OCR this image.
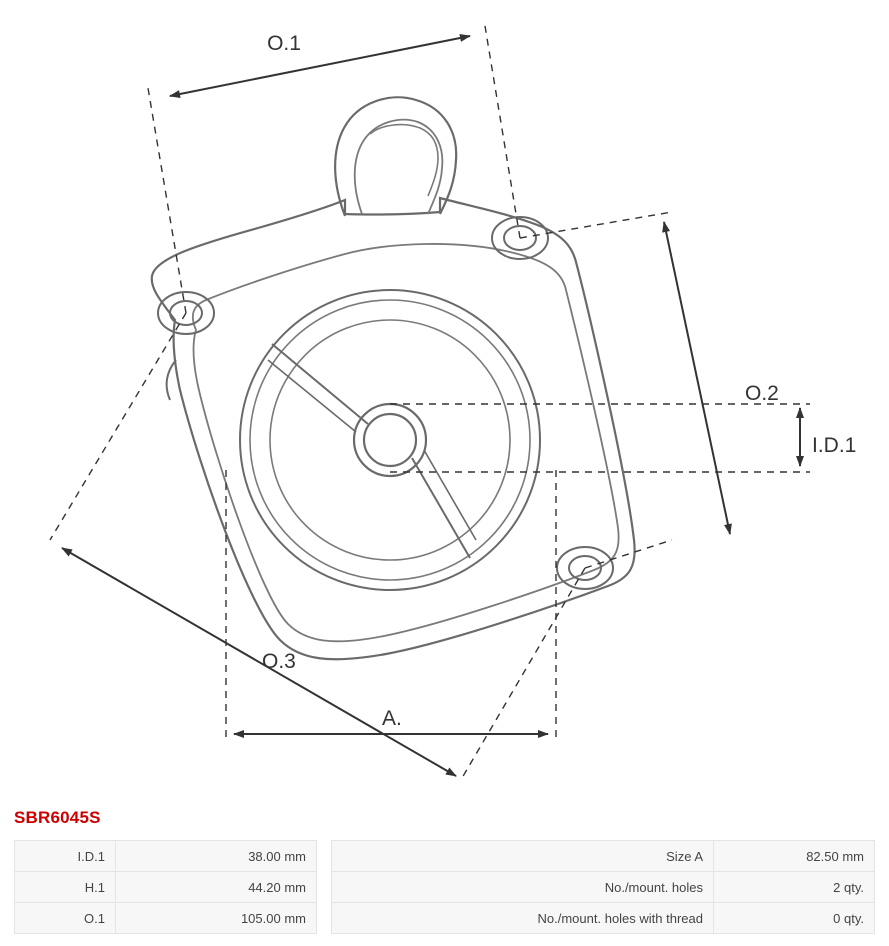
O.1
O.2
I.D.1
O.3
A.
SBR6045S
I.D.1	38.00 mm		Size A	82.50 mm
H.1	44.20 mm		No./mount. holes	2 qty.
O.1	105.00 mm		No./mount. holes with thread	0 qty.
